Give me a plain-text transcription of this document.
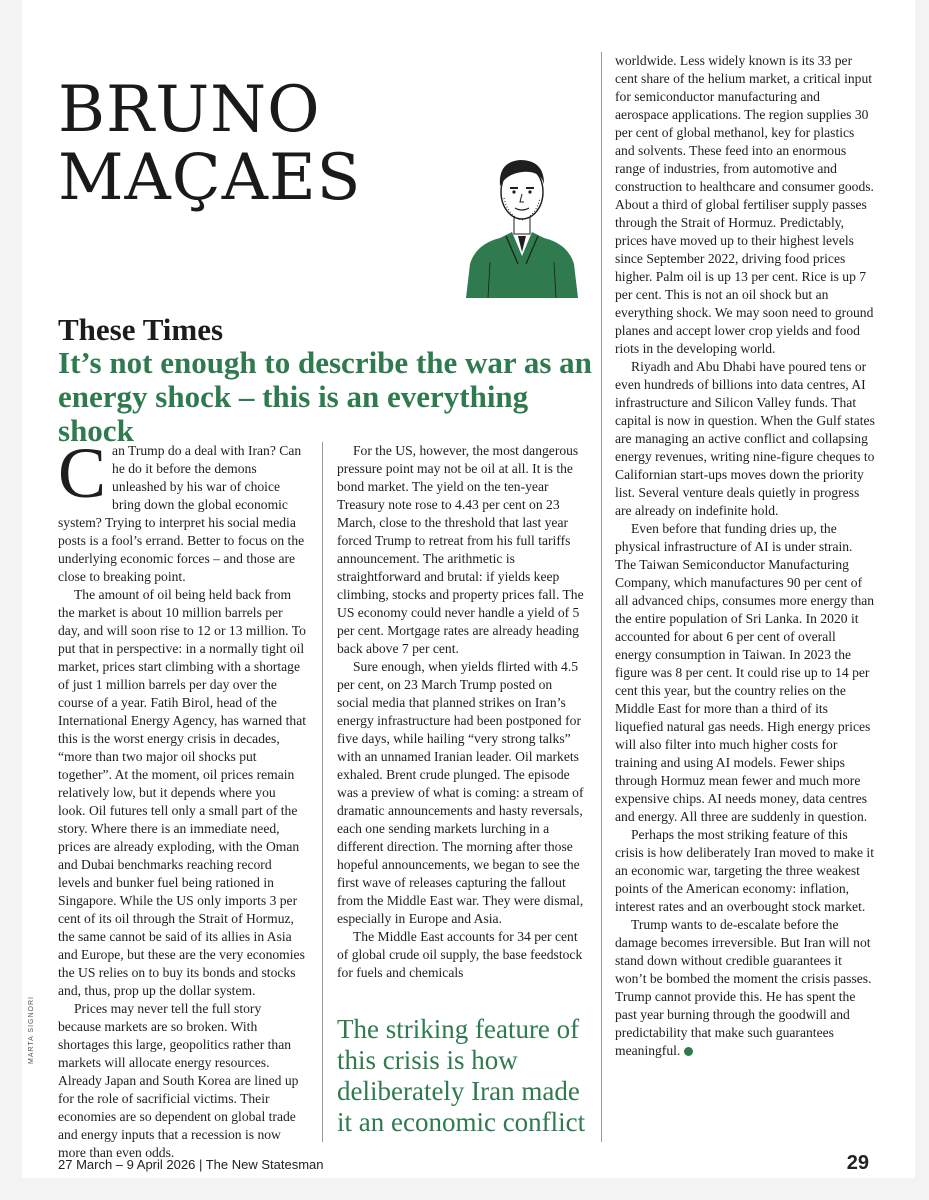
BRUNO
MAÇAES
These Times
It’s not enough to describe the war as an energy shock – this is an everything shock

Can Trump do a deal with Iran? Can he do it before the demons unleashed by his war of choice bring down the global economic system? Trying to interpret his social media posts is a fool’s errand. Better to focus on the underlying economic forces – and those are close to breaking point.

The amount of oil being held back from the market is about 10 million barrels per day, and will soon rise to 12 or 13 million. To put that in perspective: in a normally tight oil market, prices start climbing with a shortage of just 1 million barrels per day over the course of a year. Fatih Birol, head of the International Energy Agency, has warned that this is the worst energy crisis in decades, “more than two major oil shocks put together”. At the moment, oil prices remain relatively low, but it depends where you look. Oil futures tell only a small part of the story. Where there is an immediate need, prices are already exploding, with the Oman and Dubai benchmarks reaching record levels and bunker fuel being rationed in Singapore. While the US only imports 3 per cent of its oil through the Strait of Hormuz, the same cannot be said of its allies in Asia and Europe, but these are the very economies the US relies on to buy its bonds and stocks and, thus, prop up the dollar system.

Prices may never tell the full story because markets are so broken. With shortages this large, geopolitics rather than markets will allocate energy resources. Already Japan and South Korea are lined up for the role of sacrificial victims. Their economies are so dependent on global trade and energy inputs that a recession is now more than even odds.

For the US, however, the most dangerous pressure point may not be oil at all. It is the bond market. The yield on the ten-year Treasury note rose to 4.43 per cent on 23 March, close to the threshold that last year forced Trump to retreat from his full tariffs announcement. The arithmetic is straightforward and brutal: if yields keep climbing, stocks and property prices fall. The US economy could never handle a yield of 5 per cent. Mortgage rates are already heading back above 7 per cent.

Sure enough, when yields flirted with 4.5 per cent, on 23 March Trump posted on social media that planned strikes on Iran’s energy infrastructure had been postponed for five days, while hailing “very strong talks” with an unnamed Iranian leader. Oil markets exhaled. Brent crude plunged. The episode was a preview of what is coming: a stream of dramatic announcements and hasty reversals, each one sending markets lurching in a different direction. The morning after those hopeful announcements, we began to see the first wave of releases capturing the fallout from the Middle East war. They were dismal, especially in Europe and Asia.

The Middle East accounts for 34 per cent of global crude oil supply, the base feedstock for fuels and chemicals

The striking feature of this crisis is how deliberately Iran made it an economic conflict

worldwide. Less widely known is its 33 per cent share of the helium market, a critical input for semiconductor manufacturing and aerospace applications. The region supplies 30 per cent of global methanol, key for plastics and solvents. These feed into an enormous range of industries, from automotive and construction to healthcare and consumer goods. About a third of global fertiliser supply passes through the Strait of Hormuz. Predictably, prices have moved up to their highest levels since September 2022, driving food prices higher. Palm oil is up 13 per cent. Rice is up 7 per cent. This is not an oil shock but an everything shock. We may soon need to ground planes and accept lower crop yields and food riots in the developing world.

Riyadh and Abu Dhabi have poured tens or even hundreds of billions into data centres, AI infrastructure and Silicon Valley funds. That capital is now in question. When the Gulf states are managing an active conflict and collapsing energy revenues, writing nine-figure cheques to Californian start-ups moves down the priority list. Several venture deals quietly in progress are already on indefinite hold.

Even before that funding dries up, the physical infrastructure of AI is under strain. The Taiwan Semiconductor Manufacturing Company, which manufactures 90 per cent of all advanced chips, consumes more energy than the entire population of Sri Lanka. In 2020 it accounted for about 6 per cent of overall energy consumption in Taiwan. In 2023 the figure was 8 per cent. It could rise up to 14 per cent this year, but the country relies on the Middle East for more than a third of its liquefied natural gas needs. High energy prices will also filter into much higher costs for training and using AI models. Fewer ships through Hormuz mean fewer and much more expensive chips. AI needs money, data centres and energy. All three are suddenly in question.

Perhaps the most striking feature of this crisis is how deliberately Iran moved to make it an economic war, targeting the three weakest points of the American economy: inflation, interest rates and an overbought stock market.

Trump wants to de-escalate before the damage becomes irreversible. But Iran will not stand down without credible guarantees it won’t be bombed the moment the crisis passes. Trump cannot provide this. He has spent the past year burning through the goodwill and predictability that make such guarantees meaningful.

MARTA SIGNORI
27 March – 9 April 2026 | The New Statesman	29
